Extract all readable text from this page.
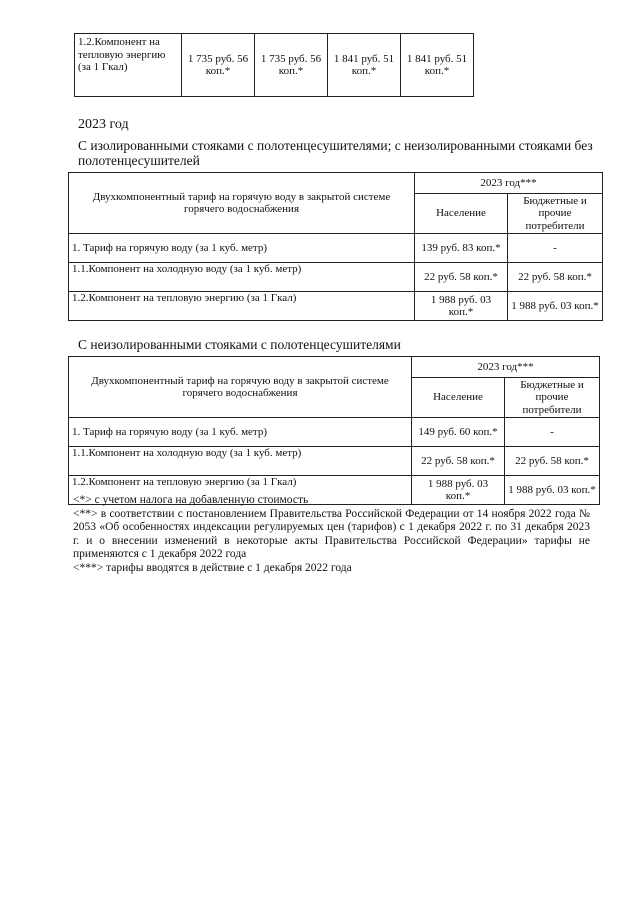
1.2.Компонент на тепловую энергию (за 1 Гкал)	1 735 руб. 56 коп.*	1 735 руб. 56 коп.*	1 841 руб. 51 коп.*	1 841 руб. 51 коп.*
2023 год
С изолированными стояками с полотенцесушителями; с неизолированными стояками без полотенцесушителей
Двухкомпонентный тариф на горячую воду в закрытой системе горячего водоснабжения	2023 год***	
	Население	Бюджетные и прочие потребители
1. Тариф на горячую воду (за 1 куб. метр)	139 руб. 83 коп.*	-
1.1.Компонент на холодную воду (за 1 куб. метр)	22 руб. 58 коп.*	22 руб. 58 коп.*
1.2.Компонент на тепловую энергию (за 1 Гкал)	1 988 руб. 03 коп.*	1 988 руб. 03 коп.*
С неизолированными стояками с полотенцесушителями
Двухкомпонентный тариф на горячую воду в закрытой системе горячего водоснабжения	2023 год***	
	Население	Бюджетные и прочие потребители
1. Тариф на горячую воду (за 1 куб. метр)	149 руб. 60 коп.*	-
1.1.Компонент на холодную воду (за 1 куб. метр)	22 руб. 58 коп.*	22 руб. 58 коп.*
1.2.Компонент на тепловую энергию (за 1 Гкал)	1 988 руб. 03 коп.*	1 988 руб. 03 коп.*

<*> с учетом налога на добавленную стоимость

<**> в соответствии с постановлением Правительства Российской Федерации от 14 ноября 2022 года № 2053 «Об особенностях индексации регулируемых цен (тарифов) с 1 декабря 2022 г. по 31 декабря 2023 г. и о внесении изменений в некоторые акты Правительства Российской Федерации» тарифы не применяются с 1 декабря 2022 года

<***> тарифы вводятся в действие с 1 декабря 2022 года
